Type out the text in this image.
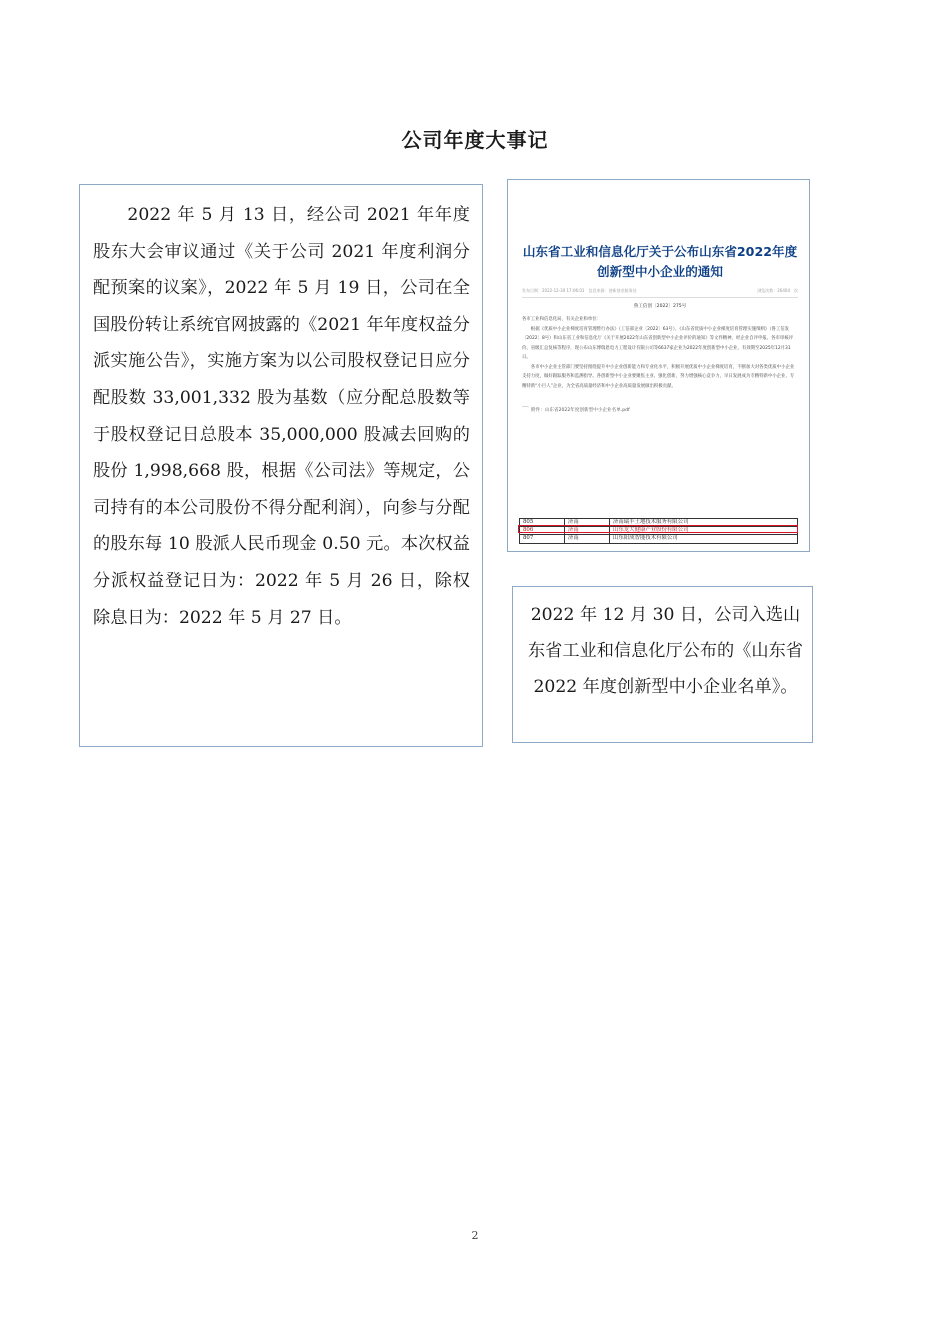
公司年度大事记

2022 年 5 月 13 日，经公司 2021 年年度股东大会审议通过《关于公司 2021 年度利润分配预案的议案》，2022 年 5 月 19 日，公司在全国股份转让系统官网披露的《2021 年年度权益分派实施公告》，实施方案为以公司股权登记日应分配股数 33,001,332 股为基数（应分配总股数等于股权登记日总股本 35,000,000 股减去回购的股份 1,998,668 股，根据《公司法》等规定，公司持有的本公司股份不得分配利润），向参与分配的股东每 10 股派人民币现金 0.50 元。本次权益分派权益登记日为：2022 年 5 月 26 日，除权除息日为：2022 年 5 月 27 日。

山东省工业和信息化厅关于公布山东省2022年度创新型中小企业的通知

发布日期：2022-12-30 17:06:01　信息来源：创新创业服务处	浏览次数：26404　次
鲁工信创〔2022〕275号

各市工业和信息化局，有关企业和单位：

根据《优质中小企业梯度培育管理暂行办法》（工信部企业〔2022〕63号）、《山东省优质中小企业梯度培育管理实施细则》（鲁工信发〔2022〕8号）和山东省工业和信息化厅《关于开展2022年山东省创新型中小企业评价的通知》等文件精神，经企业自评申报、各市审核评价、省级汇总复核等程序，现公布山东博瑞恩电力工程设计有限公司等6637家企业为2022年度创新型中小企业，有效期至2025年12月31日。

各市中小企业主管部门要坚持围绕提升中小企业创新能力和专业化水平，积极开展优质中小企业梯度培育，不断加大对各类优质中小企业支持力度，做好跟踪服务和监测指导。各创新型中小企业要聚焦主业、强化创新，努力增强核心竞争力，早日发展成为专精特新中小企业、专精特新“小巨人”企业，为全省高质量经济和中小企业高质量发展做出积极贡献。

⌒ 附件：山东省2022年度创新型中小企业名单.pdf
805	济南	济南瑞丰土地技术服务有限公司
806	济南	山东龙大健康产业股份有限公司
807	济南	山东阳成智能技术有限公司

2022 年 12 月 30 日，公司入选山东省工业和信息化厅公布的《山东省 2022 年度创新型中小企业名单》。

2
